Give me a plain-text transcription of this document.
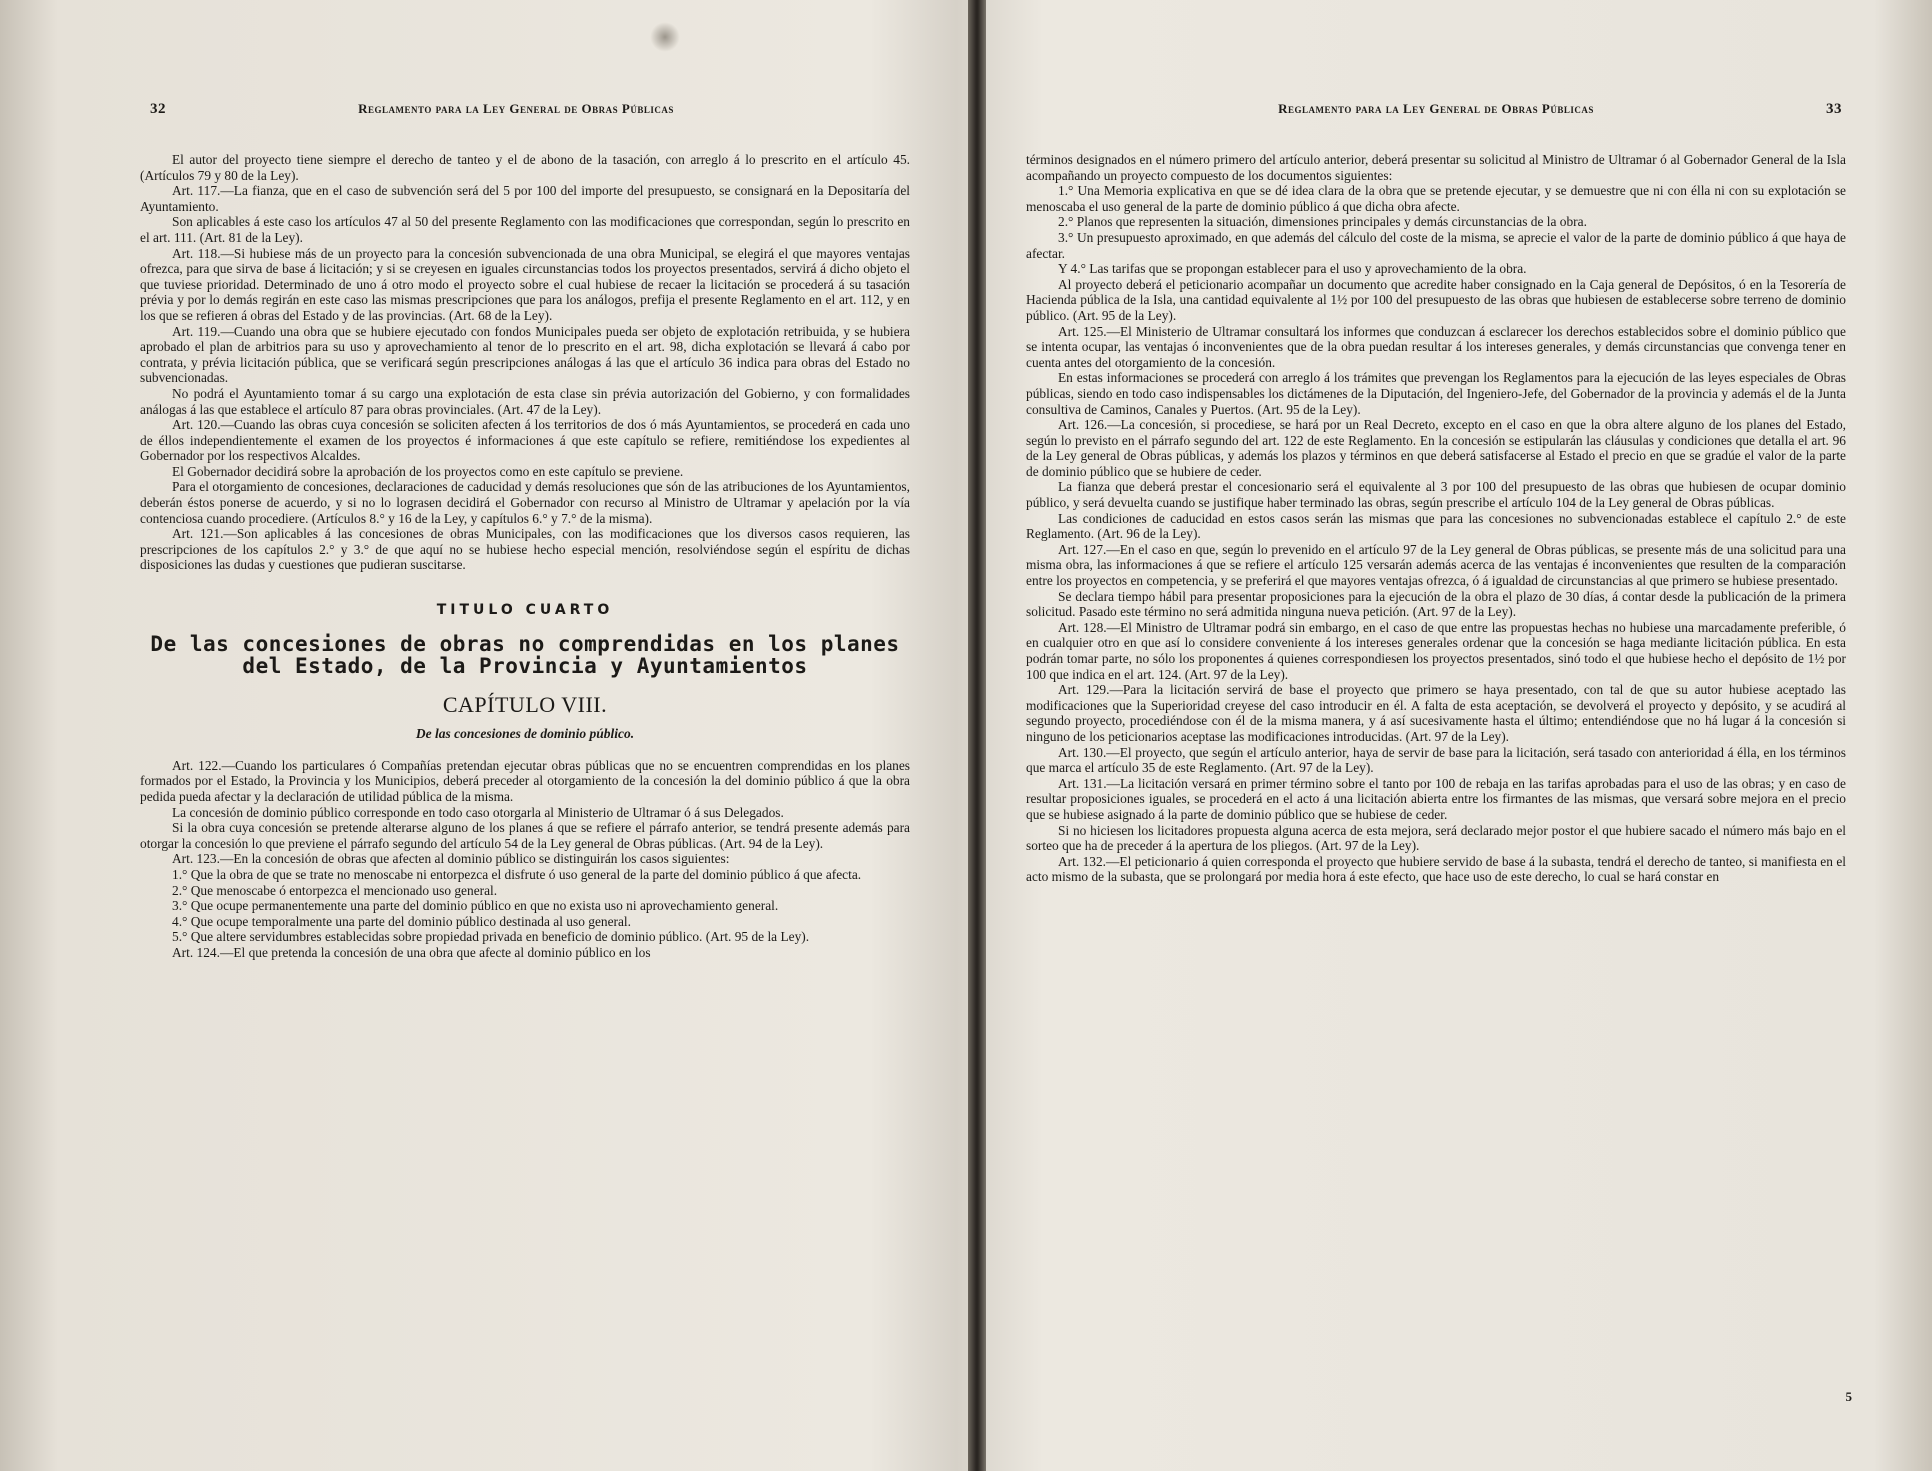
32	Reglamento para la Ley General de Obras Públicas

El autor del proyecto tiene siempre el derecho de tanteo y el de abono de la tasación, con arreglo á lo prescrito en el artículo 45. (Artículos 79 y 80 de la Ley).

Art. 117.—La fianza, que en el caso de subvención será del 5 por 100 del importe del presupuesto, se consignará en la Depositaría del Ayuntamiento.

Son aplicables á este caso los artículos 47 al 50 del presente Reglamento con las modificaciones que correspondan, según lo prescrito en el art. 111. (Art. 81 de la Ley).

Art. 118.—Si hubiese más de un proyecto para la concesión subvencionada de una obra Municipal, se elegirá el que mayores ventajas ofrezca, para que sirva de base á licitación; y si se creyesen en iguales circunstancias todos los proyectos presentados, servirá á dicho objeto el que tuviese prioridad. Determinado de uno á otro modo el proyecto sobre el cual hubiese de recaer la licitación se procederá á su tasación prévia y por lo demás regirán en este caso las mismas prescripciones que para los análogos, prefija el presente Reglamento en el art. 112, y en los que se refieren á obras del Estado y de las provincias. (Art. 68 de la Ley).

Art. 119.—Cuando una obra que se hubiere ejecutado con fondos Municipales pueda ser objeto de explotación retribuida, y se hubiera aprobado el plan de arbitrios para su uso y aprovechamiento al tenor de lo prescrito en el art. 98, dicha explotación se llevará á cabo por contrata, y prévia licitación pública, que se verificará según prescripciones análogas á las que el artículo 36 indica para obras del Estado no subvencionadas.

No podrá el Ayuntamiento tomar á su cargo una explotación de esta clase sin prévia autorización del Gobierno, y con formalidades análogas á las que establece el artículo 87 para obras provinciales. (Art. 47 de la Ley).

Art. 120.—Cuando las obras cuya concesión se soliciten afecten á los territorios de dos ó más Ayuntamientos, se procederá en cada uno de éllos independientemente el examen de los proyectos é informaciones á que este capítulo se refiere, remitiéndose los expedientes al Gobernador por los respectivos Alcaldes.

El Gobernador decidirá sobre la aprobación de los proyectos como en este capítulo se previene.

Para el otorgamiento de concesiones, declaraciones de caducidad y demás resoluciones que són de las atribuciones de los Ayuntamientos, deberán éstos ponerse de acuerdo, y si no lo lograsen decidirá el Gobernador con recurso al Ministro de Ultramar y apelación por la vía contenciosa cuando procediere. (Artículos 8.° y 16 de la Ley, y capítulos 6.° y 7.° de la misma).

Art. 121.—Son aplicables á las concesiones de obras Municipales, con las modificaciones que los diversos casos requieren, las prescripciones de los capítulos 2.° y 3.° de que aquí no se hubiese hecho especial mención, resolviéndose según el espíritu de dichas disposiciones las dudas y cuestiones que pudieran suscitarse.

TITULO CUARTO
De las concesiones de obras no comprendidas en los planes del Estado, de la Provincia y Ayuntamientos
CAPÍTULO VIII.
De las concesiones de dominio público.

Art. 122.—Cuando los particulares ó Compañías pretendan ejecutar obras públicas que no se encuentren comprendidas en los planes formados por el Estado, la Provincia y los Municipios, deberá preceder al otorgamiento de la concesión la del dominio público á que la obra pedida pueda afectar y la declaración de utilidad pública de la misma.

La concesión de dominio público corresponde en todo caso otorgarla al Ministerio de Ultramar ó á sus Delegados.

Si la obra cuya concesión se pretende alterarse alguno de los planes á que se refiere el párrafo anterior, se tendrá presente además para otorgar la concesión lo que previene el párrafo segundo del artículo 54 de la Ley general de Obras públicas. (Art. 94 de la Ley).

Art. 123.—En la concesión de obras que afecten al dominio público se distinguirán los casos siguientes:

1.° Que la obra de que se trate no menoscabe ni entorpezca el disfrute ó uso general de la parte del dominio público á que afecta.

2.° Que menoscabe ó entorpezca el mencionado uso general.

3.° Que ocupe permanentemente una parte del dominio público en que no exista uso ni aprovechamiento general.

4.° Que ocupe temporalmente una parte del dominio público destinada al uso general.

5.° Que altere servidumbres establecidas sobre propiedad privada en beneficio de dominio público. (Art. 95 de la Ley).

Art. 124.—El que pretenda la concesión de una obra que afecte al dominio público en los

Reglamento para la Ley General de Obras Públicas	33

términos designados en el número primero del artículo anterior, deberá presentar su solicitud al Ministro de Ultramar ó al Gobernador General de la Isla acompañando un proyecto compuesto de los documentos siguientes:

1.° Una Memoria explicativa en que se dé idea clara de la obra que se pretende ejecutar, y se demuestre que ni con élla ni con su explotación se menoscaba el uso general de la parte de dominio público á que dicha obra afecte.

2.° Planos que representen la situación, dimensiones principales y demás circunstancias de la obra.

3.° Un presupuesto aproximado, en que además del cálculo del coste de la misma, se aprecie el valor de la parte de dominio público á que haya de afectar.

Y 4.° Las tarifas que se propongan establecer para el uso y aprovechamiento de la obra.

Al proyecto deberá el peticionario acompañar un documento que acredite haber consignado en la Caja general de Depósitos, ó en la Tesorería de Hacienda pública de la Isla, una cantidad equivalente al 1½ por 100 del presupuesto de las obras que hubiesen de establecerse sobre terreno de dominio público. (Art. 95 de la Ley).

Art. 125.—El Ministerio de Ultramar consultará los informes que conduzcan á esclarecer los derechos establecidos sobre el dominio público que se intenta ocupar, las ventajas ó inconvenientes que de la obra puedan resultar á los intereses generales, y demás circunstancias que convenga tener en cuenta antes del otorgamiento de la concesión.

En estas informaciones se procederá con arreglo á los trámites que prevengan los Reglamentos para la ejecución de las leyes especiales de Obras públicas, siendo en todo caso indispensables los dictámenes de la Diputación, del Ingeniero-Jefe, del Gobernador de la provincia y además el de la Junta consultiva de Caminos, Canales y Puertos. (Art. 95 de la Ley).

Art. 126.—La concesión, si procediese, se hará por un Real Decreto, excepto en el caso en que la obra altere alguno de los planes del Estado, según lo previsto en el párrafo segundo del art. 122 de este Reglamento. En la concesión se estipularán las cláusulas y condiciones que detalla el art. 96 de la Ley general de Obras públicas, y además los plazos y términos en que deberá satisfacerse al Estado el precio en que se gradúe el valor de la parte de dominio público que se hubiere de ceder.

La fianza que deberá prestar el concesionario será el equivalente al 3 por 100 del presupuesto de las obras que hubiesen de ocupar dominio público, y será devuelta cuando se justifique haber terminado las obras, según prescribe el artículo 104 de la Ley general de Obras públicas.

Las condiciones de caducidad en estos casos serán las mismas que para las concesiones no subvencionadas establece el capítulo 2.° de este Reglamento. (Art. 96 de la Ley).

Art. 127.—En el caso en que, según lo prevenido en el artículo 97 de la Ley general de Obras públicas, se presente más de una solicitud para una misma obra, las informaciones á que se refiere el artículo 125 versarán además acerca de las ventajas é inconvenientes que resulten de la comparación entre los proyectos en competencia, y se preferirá el que mayores ventajas ofrezca, ó á igualdad de circunstancias al que primero se hubiese presentado.

Se declara tiempo hábil para presentar proposiciones para la ejecución de la obra el plazo de 30 días, á contar desde la publicación de la primera solicitud. Pasado este término no será admitida ninguna nueva petición. (Art. 97 de la Ley).

Art. 128.—El Ministro de Ultramar podrá sin embargo, en el caso de que entre las propuestas hechas no hubiese una marcadamente preferible, ó en cualquier otro en que así lo considere conveniente á los intereses generales ordenar que la concesión se haga mediante licitación pública. En esta podrán tomar parte, no sólo los proponentes á quienes correspondiesen los proyectos presentados, sinó todo el que hubiese hecho el depósito de 1½ por 100 que indica en el art. 124. (Art. 97 de la Ley).

Art. 129.—Para la licitación servirá de base el proyecto que primero se haya presentado, con tal de que su autor hubiese aceptado las modificaciones que la Superioridad creyese del caso introducir en él. A falta de esta aceptación, se devolverá el proyecto y depósito, y se acudirá al segundo proyecto, procediéndose con él de la misma manera, y á así sucesivamente hasta el último; entendiéndose que no há lugar á la concesión si ninguno de los peticionarios aceptase las modificaciones introducidas. (Art. 97 de la Ley).

Art. 130.—El proyecto, que según el artículo anterior, haya de servir de base para la licitación, será tasado con anterioridad á élla, en los términos que marca el artículo 35 de este Reglamento. (Art. 97 de la Ley).

Art. 131.—La licitación versará en primer término sobre el tanto por 100 de rebaja en las tarifas aprobadas para el uso de las obras; y en caso de resultar proposiciones iguales, se procederá en el acto á una licitación abierta entre los firmantes de las mismas, que versará sobre mejora en el precio que se hubiese asignado á la parte de dominio público que se hubiese de ceder.

Si no hiciesen los licitadores propuesta alguna acerca de esta mejora, será declarado mejor postor el que hubiere sacado el número más bajo en el sorteo que ha de preceder á la apertura de los pliegos. (Art. 97 de la Ley).

Art. 132.—El peticionario á quien corresponda el proyecto que hubiere servido de base á la subasta, tendrá el derecho de tanteo, si manifiesta en el acto mismo de la subasta, que se prolongará por media hora á este efecto, que hace uso de este derecho, lo cual se hará constar en

5
